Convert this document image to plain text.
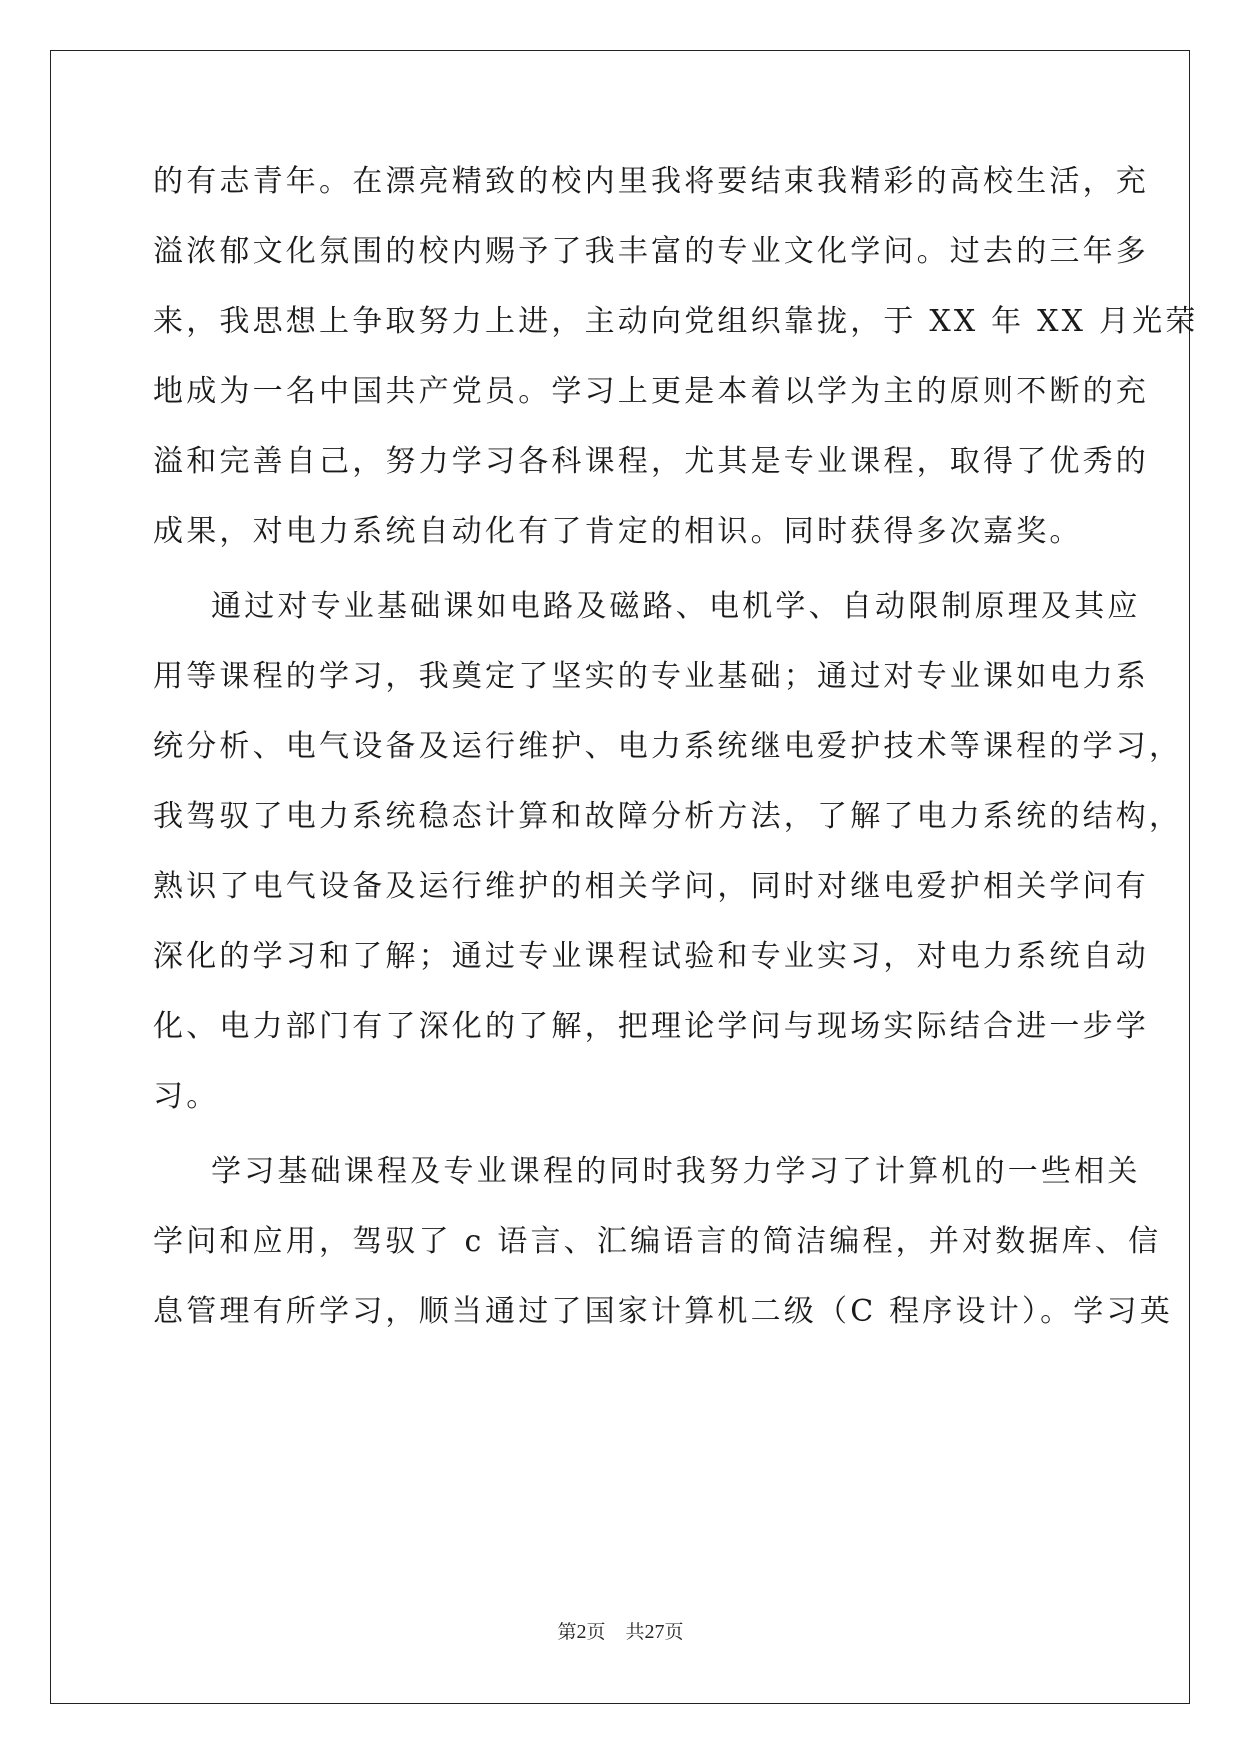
的有志青年。在漂亮精致的校内里我将要结束我精彩的高校生活，充
溢浓郁文化氛围的校内赐予了我丰富的专业文化学问。过去的三年多
来，我思想上争取努力上进，主动向党组织靠拢，于 XX 年 XX 月光荣
地成为一名中国共产党员。学习上更是本着以学为主的原则不断的充
溢和完善自己，努力学习各科课程，尤其是专业课程，取得了优秀的
成果，对电力系统自动化有了肯定的相识。同时获得多次嘉奖。
通过对专业基础课如电路及磁路、电机学、自动限制原理及其应
用等课程的学习，我奠定了坚实的专业基础；通过对专业课如电力系
统分析、电气设备及运行维护、电力系统继电爱护技术等课程的学习，
我驾驭了电力系统稳态计算和故障分析方法，了解了电力系统的结构，
熟识了电气设备及运行维护的相关学问，同时对继电爱护相关学问有
深化的学习和了解；通过专业课程试验和专业实习，对电力系统自动
化、电力部门有了深化的了解，把理论学问与现场实际结合进一步学
习。
学习基础课程及专业课程的同时我努力学习了计算机的一些相关
学问和应用，驾驭了 c 语言、汇编语言的简洁编程，并对数据库、信
息管理有所学习，顺当通过了国家计算机二级（C 程序设计）。学习英
第2页 共27页
